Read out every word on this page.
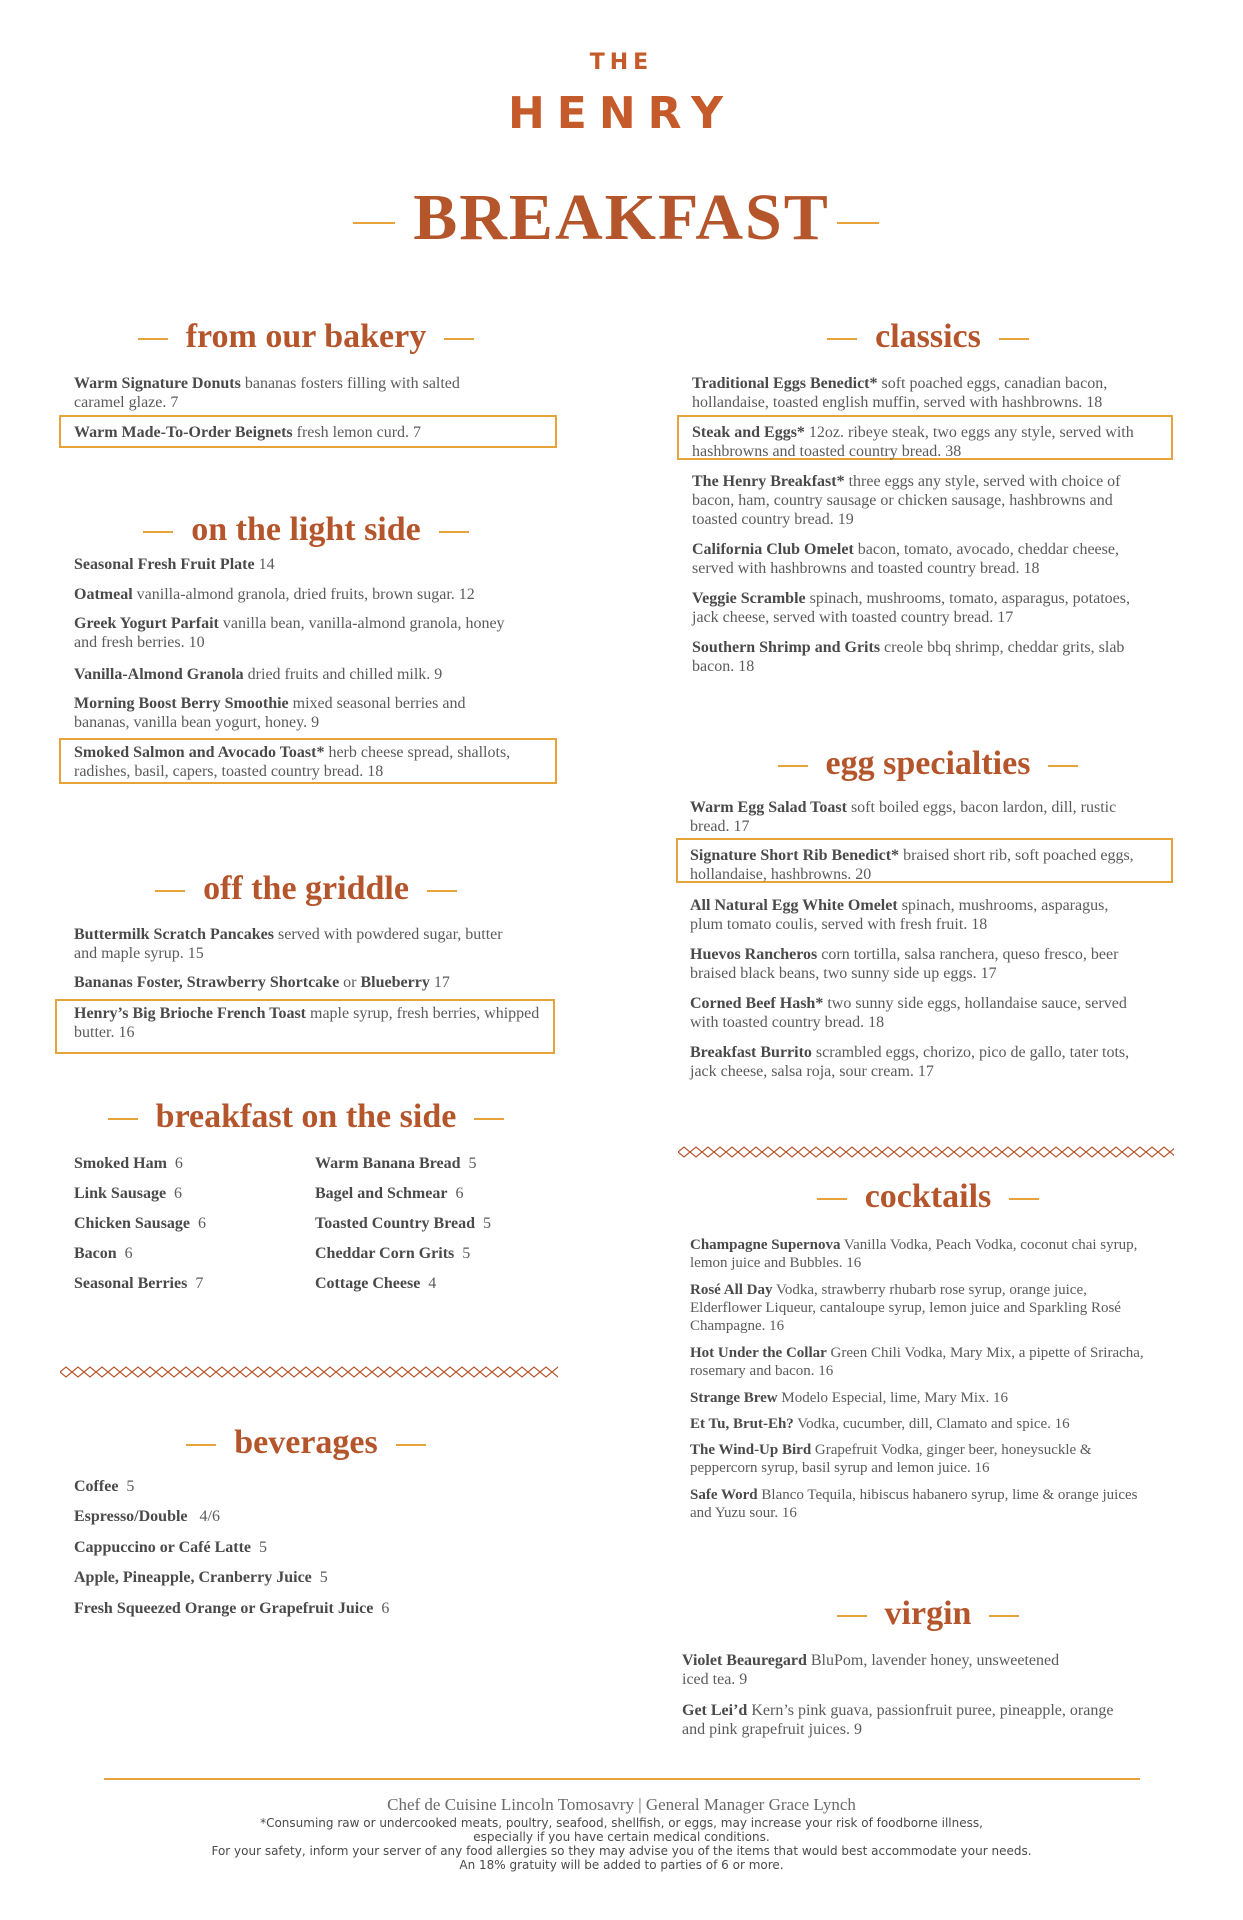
THE
HENRY
BREAKFAST
from our bakery
Warm Signature Donuts bananas fosters filling with salted caramel glaze. 7
Warm Made-To-Order Beignets fresh lemon curd. 7
on the light side
Seasonal Fresh Fruit Plate 14
Oatmeal vanilla-almond granola, dried fruits, brown sugar. 12
Greek Yogurt Parfait vanilla bean, vanilla-almond granola, honey and fresh berries. 10
Vanilla-Almond Granola dried fruits and chilled milk. 9
Morning Boost Berry Smoothie mixed seasonal berries and bananas, vanilla bean yogurt, honey. 9
Smoked Salmon and Avocado Toast* herb cheese spread, shallots, radishes, basil, capers, toasted country bread. 18
off the griddle
Buttermilk Scratch Pancakes served with powdered sugar, butter and maple syrup. 15
Bananas Foster, Strawberry Shortcake or Blueberry 17
Henry’s Big Brioche French Toast maple syrup, fresh berries, whipped butter. 16
breakfast on the side
Smoked Ham 6
Link Sausage 6
Chicken Sausage 6
Bacon 6
Seasonal Berries 7
Warm Banana Bread 5
Bagel and Schmear 6
Toasted Country Bread 5
Cheddar Corn Grits 5
Cottage Cheese 4
beverages
Coffee 5
Espresso/Double 4/6
Cappuccino or Café Latte 5
Apple, Pineapple, Cranberry Juice 5
Fresh Squeezed Orange or Grapefruit Juice 6
classics
Traditional Eggs Benedict* soft poached eggs, canadian bacon, hollandaise, toasted english muffin, served with hashbrowns. 18
Steak and Eggs* 12oz. ribeye steak, two eggs any style, served with hashbrowns and toasted country bread. 38
The Henry Breakfast* three eggs any style, served with choice of bacon, ham, country sausage or chicken sausage, hashbrowns and toasted country bread. 19
California Club Omelet bacon, tomato, avocado, cheddar cheese, served with hashbrowns and toasted country bread. 18
Veggie Scramble spinach, mushrooms, tomato, asparagus, potatoes, jack cheese, served with toasted country bread. 17
Southern Shrimp and Grits creole bbq shrimp, cheddar grits, slab bacon. 18
egg specialties
Warm Egg Salad Toast soft boiled eggs, bacon lardon, dill, rustic bread. 17
Signature Short Rib Benedict* braised short rib, soft poached eggs, hollandaise, hashbrowns. 20
All Natural Egg White Omelet spinach, mushrooms, asparagus, plum tomato coulis, served with fresh fruit. 18
Huevos Rancheros corn tortilla, salsa ranchera, queso fresco, beer braised black beans, two sunny side up eggs. 17
Corned Beef Hash* two sunny side eggs, hollandaise sauce, served with toasted country bread. 18
Breakfast Burrito scrambled eggs, chorizo, pico de gallo, tater tots, jack cheese, salsa roja, sour cream. 17
cocktails
Champagne Supernova Vanilla Vodka, Peach Vodka, coconut chai syrup, lemon juice and Bubbles. 16
Rosé All Day Vodka, strawberry rhubarb rose syrup, orange juice, Elderflower Liqueur, cantaloupe syrup, lemon juice and Sparkling Rosé Champagne. 16
Hot Under the Collar Green Chili Vodka, Mary Mix, a pipette of Sriracha, rosemary and bacon. 16
Strange Brew Modelo Especial, lime, Mary Mix. 16
Et Tu, Brut-Eh? Vodka, cucumber, dill, Clamato and spice. 16
The Wind-Up Bird Grapefruit Vodka, ginger beer, honeysuckle & peppercorn syrup, basil syrup and lemon juice. 16
Safe Word Blanco Tequila, hibiscus habanero syrup, lime & orange juices and Yuzu sour. 16
virgin
Violet Beauregard BluPom, lavender honey, unsweetened iced tea. 9
Get Lei’d Kern’s pink guava, passionfruit puree, pineapple, orange and pink grapefruit juices. 9
Chef de Cuisine Lincoln Tomosavry | General Manager Grace Lynch
*Consuming raw or undercooked meats, poultry, seafood, shellfish, or eggs, may increase your risk of foodborne illness,
especially if you have certain medical conditions.
For your safety, inform your server of any food allergies so they may advise you of the items that would best accommodate your needs.
An 18% gratuity will be added to parties of 6 or more.
